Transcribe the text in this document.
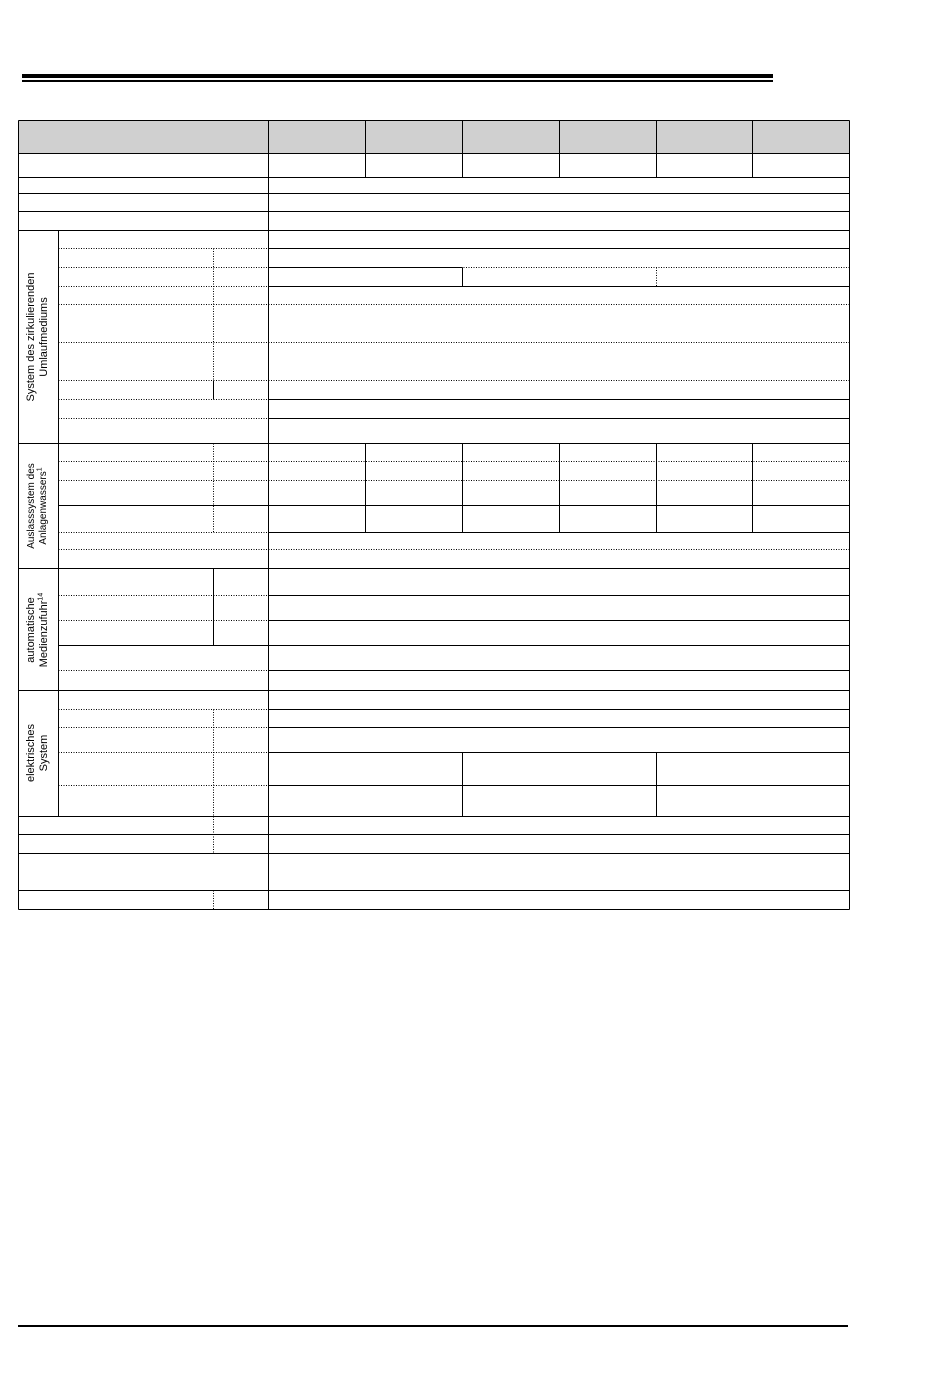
System des zirkulierenden Umlaufmediums
Auslasssystem des Anlagenwassers$^1$
automatische Medienzufuhr$^{14}$
elektrisches System
